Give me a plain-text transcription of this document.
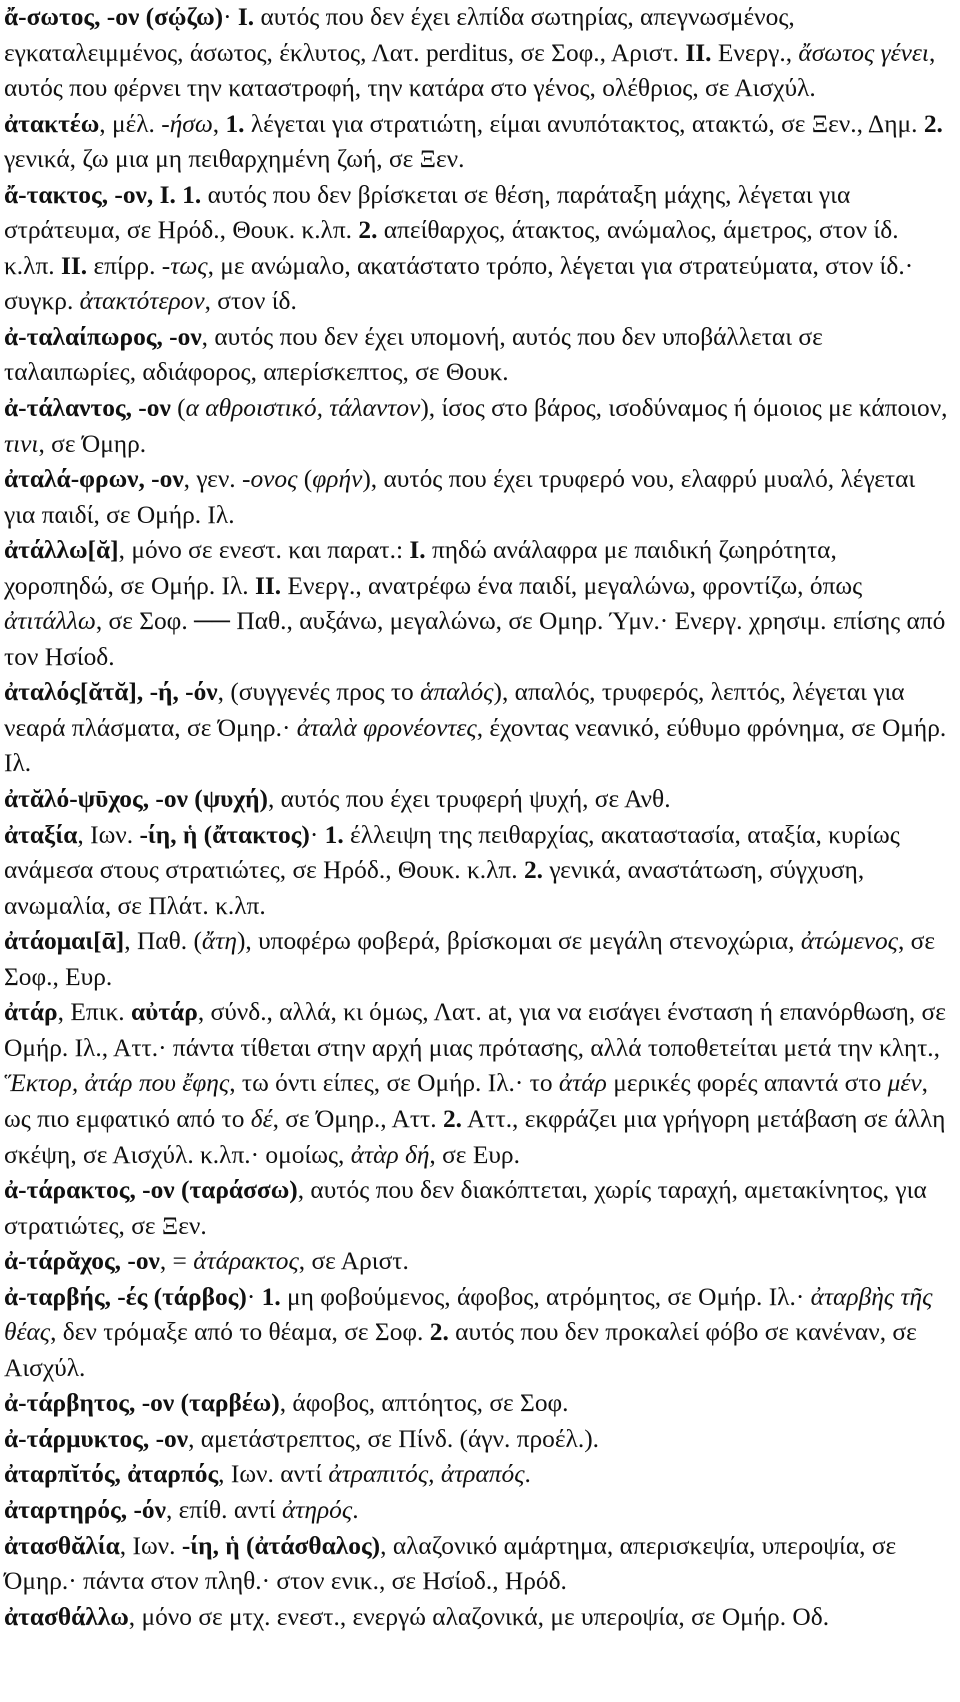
ἄ-σωτος, -ον (σῴζω)· I. αυτός που δεν έχει ελπίδα σωτηρίας, απεγνωσμένος, εγκαταλειμμένος, άσωτος, έκλυτος, Λατ. perditus, σε Σοφ., Αριστ. II. Ενεργ., ἄσωτος γένει, αυτός που φέρνει την καταστροφή, την κατάρα στο γένος, ολέθριος, σε Αισχύλ.

ἀτακτέω, μέλ. -ήσω, 1. λέγεται για στρατιώτη, είμαι ανυπότακτος, ατακτώ, σε Ξεν., Δημ. 2. γενικά, ζω μια μη πειθαρχημένη ζωή, σε Ξεν.

ἄ-τακτος, -ον, I. 1. αυτός που δεν βρίσκεται σε θέση, παράταξη μάχης, λέγεται για στράτευμα, σε Ηρόδ., Θουκ. κ.λπ. 2. απείθαρχος, άτακτος, ανώμαλος, άμετρος, στον ίδ. κ.λπ. II. επίρρ. -τως, με ανώμαλο, ακατάστατο τρόπο, λέγεται για στρατεύματα, στον ίδ.· συγκρ. ἀτακτότερον, στον ίδ.

ἀ-ταλαίπωρος, -ον, αυτός που δεν έχει υπομονή, αυτός που δεν υποβάλλεται σε ταλαιπωρίες, αδιάφορος, απερίσκεπτος, σε Θουκ.

ἀ-τάλαντος, -ον (α αθροιστικό, τάλαντον), ίσος στο βάρος, ισοδύναμος ή όμοιος με κάποιον, τινι, σε Όμηρ.

ἀταλά-φρων, -ον, γεν. -ονος (φρήν), αυτός που έχει τρυφερό νου, ελαφρύ μυαλό, λέγεται για παιδί, σε Ομήρ. Ιλ.

ἀτάλλω[ᾰ], μόνο σε ενεστ. και παρατ.: I. πηδώ ανάλαφρα με παιδική ζωηρότητα, χοροπηδώ, σε Ομήρ. Ιλ. II. Ενεργ., ανατρέφω ένα παιδί, μεγαλώνω, φροντίζω, όπως ἀτιτάλλω, σε Σοφ. ── Παθ., αυξάνω, μεγαλώνω, σε Ομηρ. Ύμν.· Ενεργ. χρησιμ. επίσης από τον Ησίοδ.

ἀταλός[ᾰτᾰ], -ή, -όν, (συγγενές προς το ἁπαλός), απαλός, τρυφερός, λεπτός, λέγεται για νεαρά πλάσματα, σε Όμηρ.· ἀταλὰ φρονέοντες, έχοντας νεανικό, εύθυμο φρόνημα, σε Ομήρ. Ιλ.

ἀτᾰλό-ψῡχος, -ον (ψυχή), αυτός που έχει τρυφερή ψυχή, σε Ανθ.

ἀταξία, Ιων. -ίη, ἡ (ἄτακτος)· 1. έλλειψη της πειθαρχίας, ακαταστασία, αταξία, κυρίως ανάμεσα στους στρατιώτες, σε Ηρόδ., Θουκ. κ.λπ. 2. γενικά, αναστάτωση, σύγχυση, ανωμαλία, σε Πλάτ. κ.λπ.

ἀτάομαι[ᾱ], Παθ. (ἄτη), υποφέρω φοβερά, βρίσκομαι σε μεγάλη στενοχώρια, ἀτώμενος, σε Σοφ., Ευρ.

ἀτάρ, Επικ. αὐτάρ, σύνδ., αλλά, κι όμως, Λατ. at, για να εισάγει ένσταση ή επανόρθωση, σε Ομήρ. Ιλ., Αττ.· πάντα τίθεται στην αρχή μιας πρότασης, αλλά τοποθετείται μετά την κλητ., Ἕκτορ, ἀτάρ που ἔφης, τω όντι είπες, σε Ομήρ. Ιλ.· το ἀτάρ μερικές φορές απαντά στο μέν, ως πιο εμφατικό από το δέ, σε Όμηρ., Αττ. 2. Αττ., εκφράζει μια γρήγορη μετάβαση σε άλλη σκέψη, σε Αισχύλ. κ.λπ.· ομοίως, ἀτὰρ δή, σε Ευρ.

ἀ-τάρακτος, -ον (ταράσσω), αυτός που δεν διακόπτεται, χωρίς ταραχή, αμετακίνητος, για στρατιώτες, σε Ξεν.

ἀ-τάρᾰχος, -ον, = ἀτάρακτος, σε Αριστ.

ἀ-ταρβής, -ές (τάρβος)· 1. μη φοβούμενος, άφοβος, ατρόμητος, σε Ομήρ. Ιλ.· ἀταρβὴς τῆς θέας, δεν τρόμαξε από το θέαμα, σε Σοφ. 2. αυτός που δεν προκαλεί φόβο σε κανέναν, σε Αισχύλ.

ἀ-τάρβητος, -ον (ταρβέω), άφοβος, απτόητος, σε Σοφ.

ἀ-τάρμυκτος, -ον, αμετάστρεπτος, σε Πίνδ. (άγν. προέλ.).

ἀταρπῐτός, ἀταρπός, Ιων. αντί ἀτραπιτός, ἀτραπός.

ἀταρτηρός, -όν, επίθ. αντί ἀτηρός.

ἀτασθᾰλία, Ιων. -ίη, ἡ (ἀτάσθαλος), αλαζονικό αμάρτημα, απερισκεψία, υπεροψία, σε Όμηρ.· πάντα στον πληθ.· στον ενικ., σε Ησίοδ., Ηρόδ.

ἀτασθάλλω, μόνο σε μτχ. ενεστ., ενεργώ αλαζονικά, με υπεροψία, σε Ομήρ. Οδ.
